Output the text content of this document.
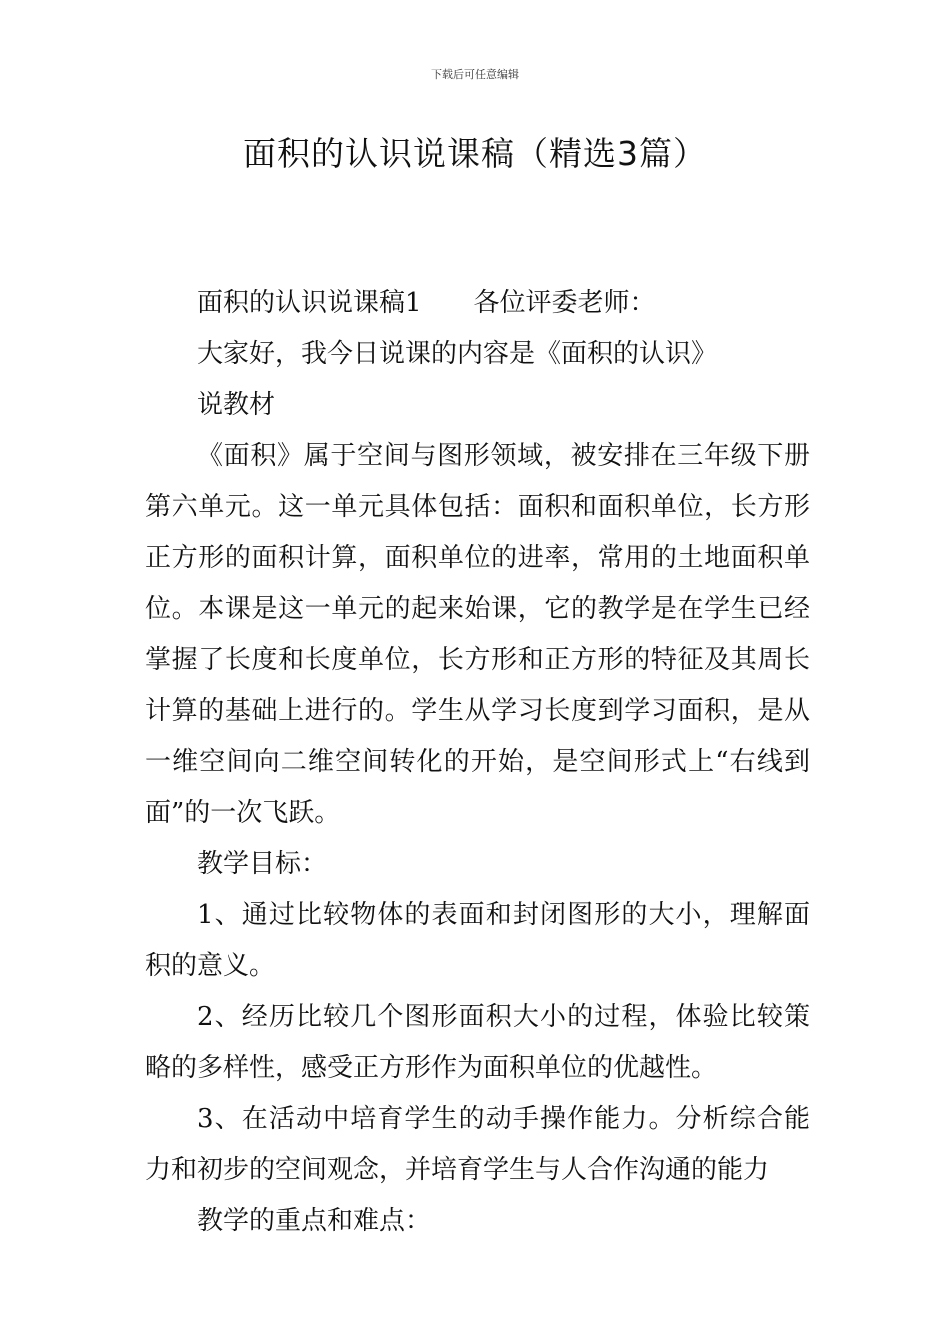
下载后可任意编辑
面积的认识说课稿（精选3篇）

面积的认识说课稿1　　各位评委老师：

大家好，我今日说课的内容是《面积的认识》

说教材

《面积》属于空间与图形领域，被安排在三年级下册第六单元。这一单元具体包括：面积和面积单位，长方形正方形的面积计算，面积单位的进率，常用的土地面积单位。本课是这一单元的起来始课，它的教学是在学生已经掌握了长度和长度单位，长方形和正方形的特征及其周长计算的基础上进行的。学生从学习长度到学习面积，是从一维空间向二维空间转化的开始，是空间形式上“右线到面”的一次飞跃。

教学目标：

1、通过比较物体的表面和封闭图形的大小，理解面积的意义。

2、经历比较几个图形面积大小的过程，体验比较策略的多样性，感受正方形作为面积单位的优越性。

3、在活动中培育学生的动手操作能力。分析综合能力和初步的空间观念，并培育学生与人合作沟通的能力

教学的重点和难点：
